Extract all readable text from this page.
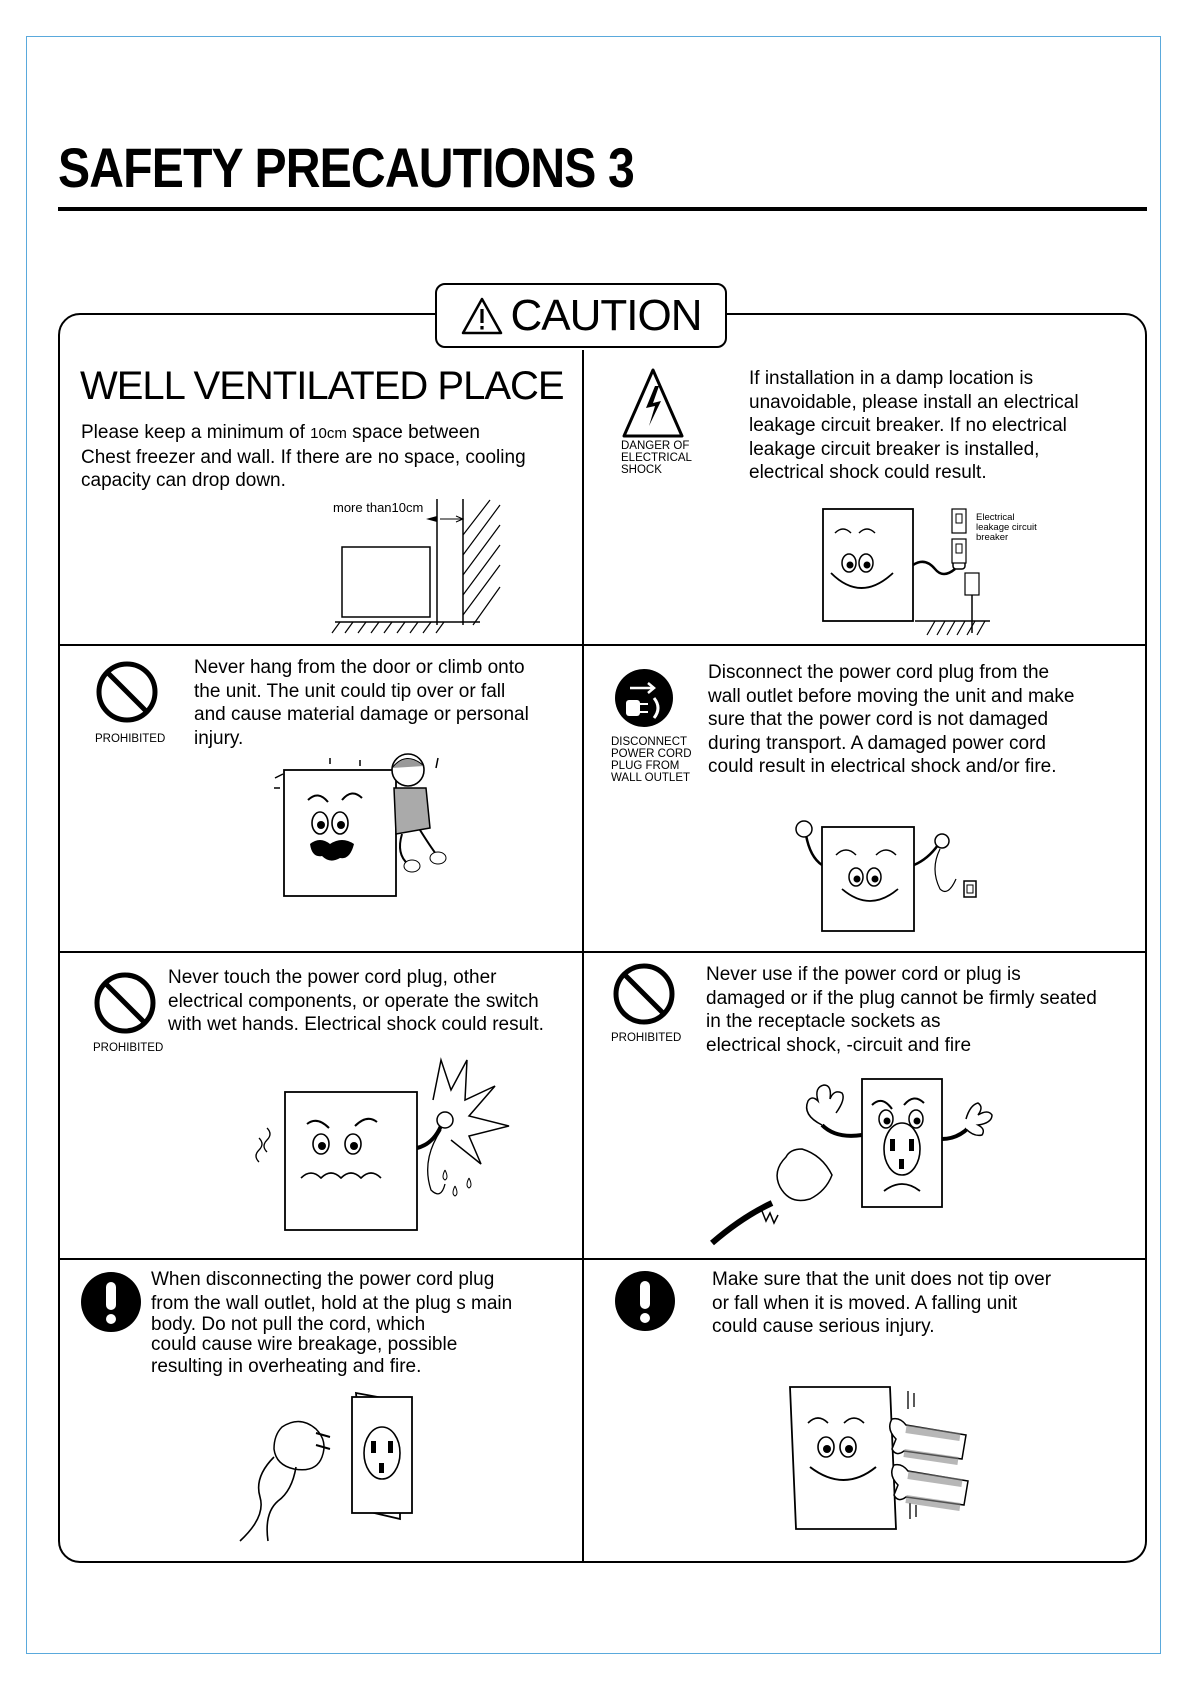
SAFETY PRECAUTIONS 3
CAUTION
WELL VENTILATED PLACE
Please keep a minimum of 10cm space between
Chest freezer and wall. If there are no space, cooling
capacity can drop down.
more than10cm
DANGER OF
ELECTRICAL
SHOCK
If installation in a damp location is
unavoidable, please install an electrical
leakage circuit breaker. If no electrical
leakage circuit breaker is installed,
electrical shock could result.
Electrical
leakage circuit
breaker
PROHIBITED
Never hang from the door or climb onto
the unit. The unit could tip over or fall
and cause material damage or personal
injury.	DISCONNECT
POWER CORD
PLUG FROM
WALL OUTLET
Disconnect the power cord plug from the
wall outlet before moving the unit and make
sure that the power cord is not damaged
during transport. A damaged power cord
could result in electrical shock and/or fire.
PROHIBITED
Never touch the power cord plug, other
electrical components, or operate the switch
with wet hands. Electrical shock could result.
PROHIBITED
Never use if the power cord or plug is
damaged or if the plug cannot be firmly seated
in the receptacle sockets as
electrical shock, -circuit and fire
When disconnecting the power cord plug
from the wall outlet, hold at the plug s main
body. Do not pull the cord, which
could cause wire breakage, possible
resulting in overheating and fire.
Make sure that the unit does not tip over
or fall when it is moved. A falling unit
could cause serious injury.
